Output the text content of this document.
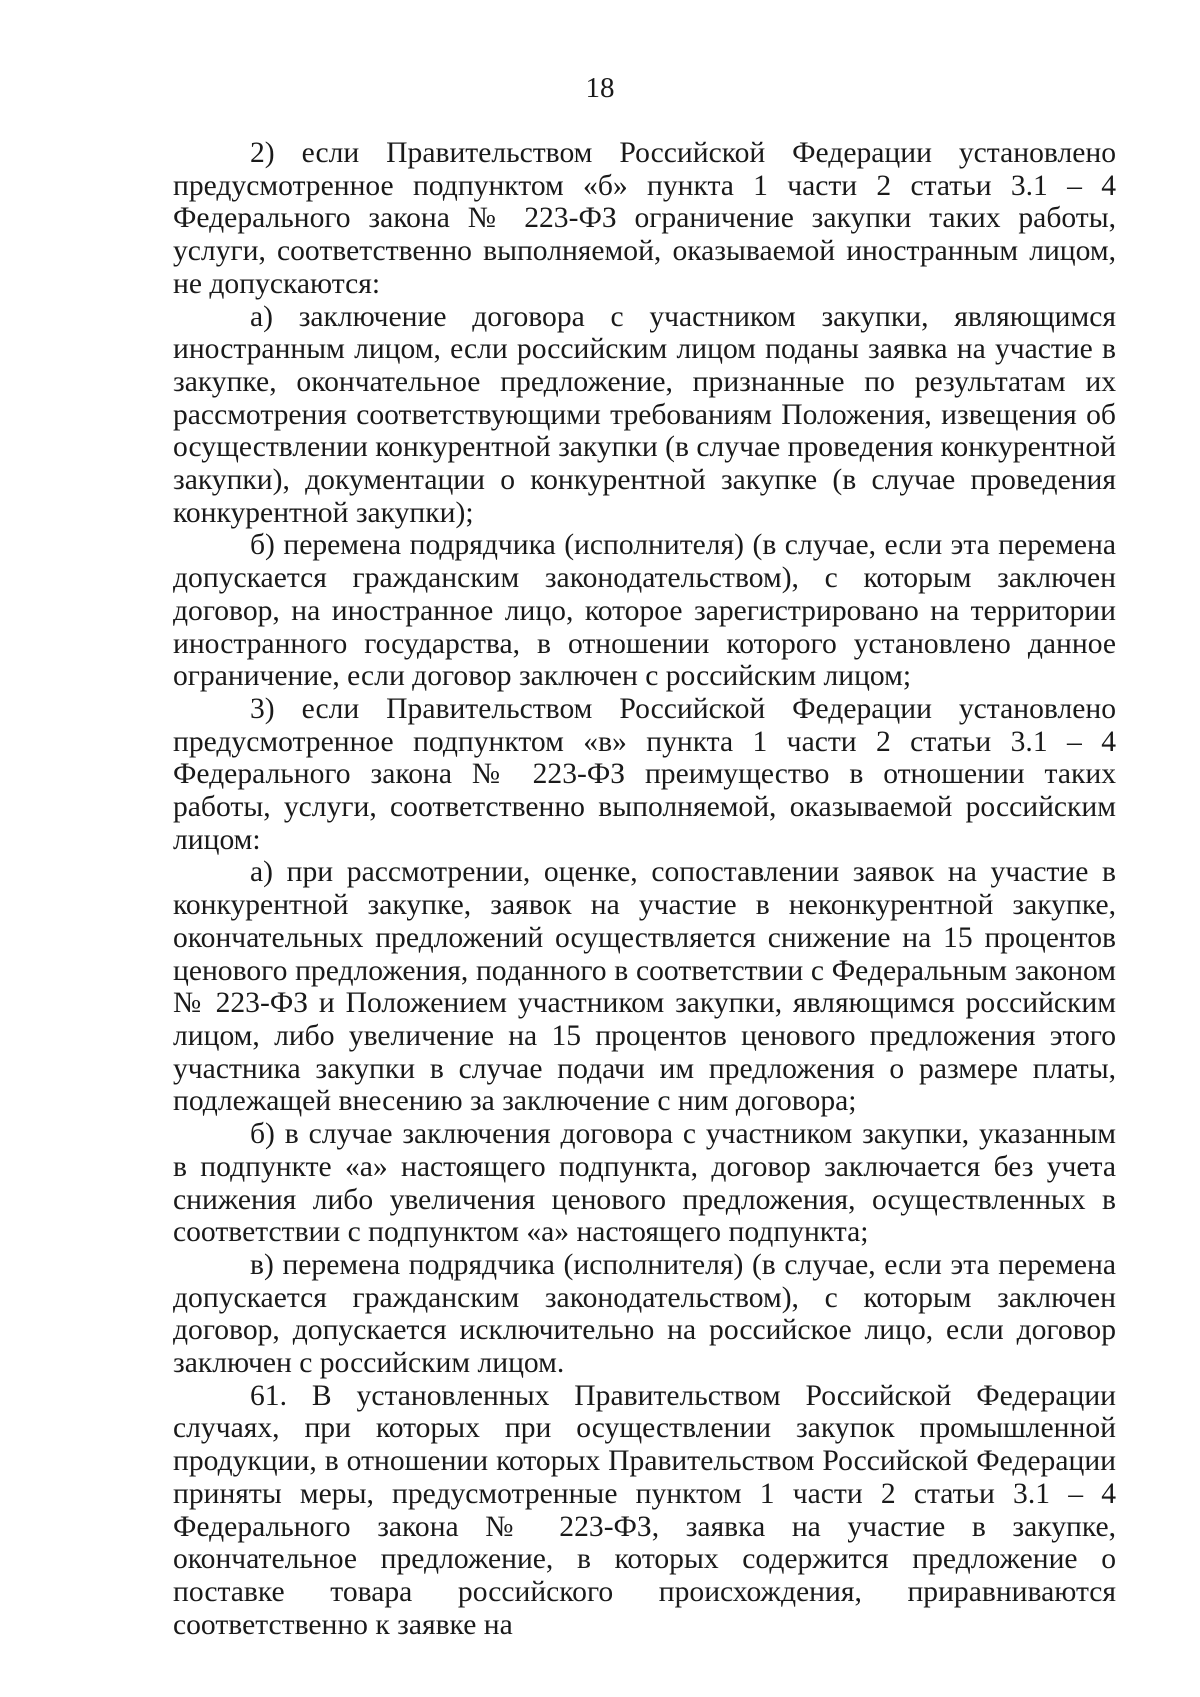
18

2) если Правительством Российской Федерации установлено предусмотренное подпунктом «б» пункта 1 части 2 статьи 3.1 – 4 Федерального закона № 223-ФЗ ограничение закупки таких работы, услуги, соответственно выполняемой, оказываемой иностранным лицом, не допускаются:

а) заключение договора с участником закупки, являющимся иностранным лицом, если российским лицом поданы заявка на участие в закупке, окончательное предложение, признанные по результатам их рассмотрения соответствующими требованиям Положения, извещения об осуществлении конкурентной закупки (в случае проведения конкурентной закупки), документации о конкурентной закупке (в случае проведения конкурентной закупки);

б) перемена подрядчика (исполнителя) (в случае, если эта перемена допускается гражданским законодательством), с которым заключен договор, на иностранное лицо, которое зарегистрировано на территории иностранного государства, в отношении которого установлено данное ограничение, если договор заключен с российским лицом;

3) если Правительством Российской Федерации установлено предусмотренное подпунктом «в» пункта 1 части 2 статьи 3.1 – 4 Федерального закона № 223-ФЗ преимущество в отношении таких работы, услуги, соответственно выполняемой, оказываемой российским лицом:

а) при рассмотрении, оценке, сопоставлении заявок на участие в конкурентной закупке, заявок на участие в неконкурентной закупке, окончательных предложений осуществляется снижение на 15 процентов ценового предложения, поданного в соответствии с Федеральным законом № 223-ФЗ и Положением участником закупки, являющимся российским лицом, либо увеличение на 15 процентов ценового предложения этого участника закупки в случае подачи им предложения о размере платы, подлежащей внесению за заключение с ним договора;

б) в случае заключения договора с участником закупки, указанным в подпункте «а» настоящего подпункта, договор заключается без учета снижения либо увеличения ценового предложения, осуществленных в соответствии с подпунктом «а» настоящего подпункта;

в) перемена подрядчика (исполнителя) (в случае, если эта перемена допускается гражданским законодательством), с которым заключен договор, допускается исключительно на российское лицо, если договор заключен с российским лицом.

61. В установленных Правительством Российской Федерации случаях, при которых при осуществлении закупок промышленной продукции, в отношении которых Правительством Российской Федерации приняты меры, предусмотренные пунктом 1 части 2 статьи 3.1 – 4 Федерального закона № 223-ФЗ, заявка на участие в закупке, окончательное предложение, в которых содержится предложение о поставке товара российского происхождения, приравниваются соответственно к заявке на
